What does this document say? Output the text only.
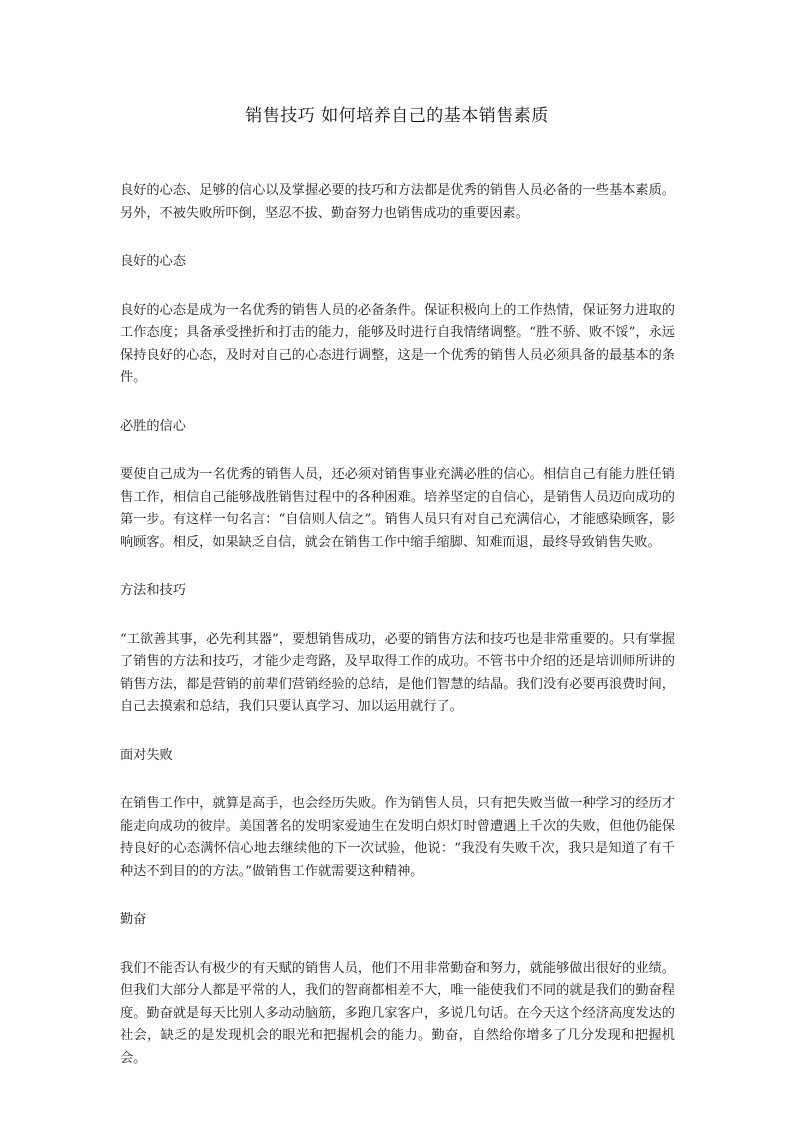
销售技巧 如何培养自己的基本销售素质

良好的心态、足够的信心以及掌握必要的技巧和方法都是优秀的销售人员必备的一些基本素质。另外，不被失败所吓倒，坚忍不拔、勤奋努力也销售成功的重要因素。

良好的心态

良好的心态是成为一名优秀的销售人员的必备条件。保证积极向上的工作热情，保证努力进取的工作态度；具备承受挫折和打击的能力，能够及时进行自我情绪调整。“胜不骄、败不馁”，永远保持良好的心态，及时对自己的心态进行调整，这是一个优秀的销售人员必须具备的最基本的条件。

必胜的信心

要使自己成为一名优秀的销售人员，还必须对销售事业充满必胜的信心。相信自己有能力胜任销售工作，相信自己能够战胜销售过程中的各种困难。培养坚定的自信心，是销售人员迈向成功的第一步。有这样一句名言：“自信则人信之”。销售人员只有对自己充满信心，才能感染顾客，影响顾客。相反，如果缺乏自信，就会在销售工作中缩手缩脚、知难而退，最终导致销售失败。

方法和技巧

“工欲善其事，必先利其器”，要想销售成功，必要的销售方法和技巧也是非常重要的。只有掌握了销售的方法和技巧，才能少走弯路，及早取得工作的成功。不管书中介绍的还是培训师所讲的销售方法，都是营销的前辈们营销经验的总结，是他们智慧的结晶。我们没有必要再浪费时间，自己去摸索和总结，我们只要认真学习、加以运用就行了。

面对失败

在销售工作中，就算是高手，也会经历失败。作为销售人员，只有把失败当做一种学习的经历才能走向成功的彼岸。美国著名的发明家爱迪生在发明白炽灯时曾遭遇上千次的失败，但他仍能保持良好的心态满怀信心地去继续他的下一次试验，他说：“我没有失败千次，我只是知道了有千种达不到目的的方法。”做销售工作就需要这种精神。

勤奋

我们不能否认有极少的有天赋的销售人员，他们不用非常勤奋和努力，就能够做出很好的业绩。但我们大部分人都是平常的人，我们的智商都相差不大，唯一能使我们不同的就是我们的勤奋程度。勤奋就是每天比别人多动动脑筋，多跑几家客户，多说几句话。在今天这个经济高度发达的社会，缺乏的是发现机会的眼光和把握机会的能力。勤奋，自然给你增多了几分发现和把握机会。
